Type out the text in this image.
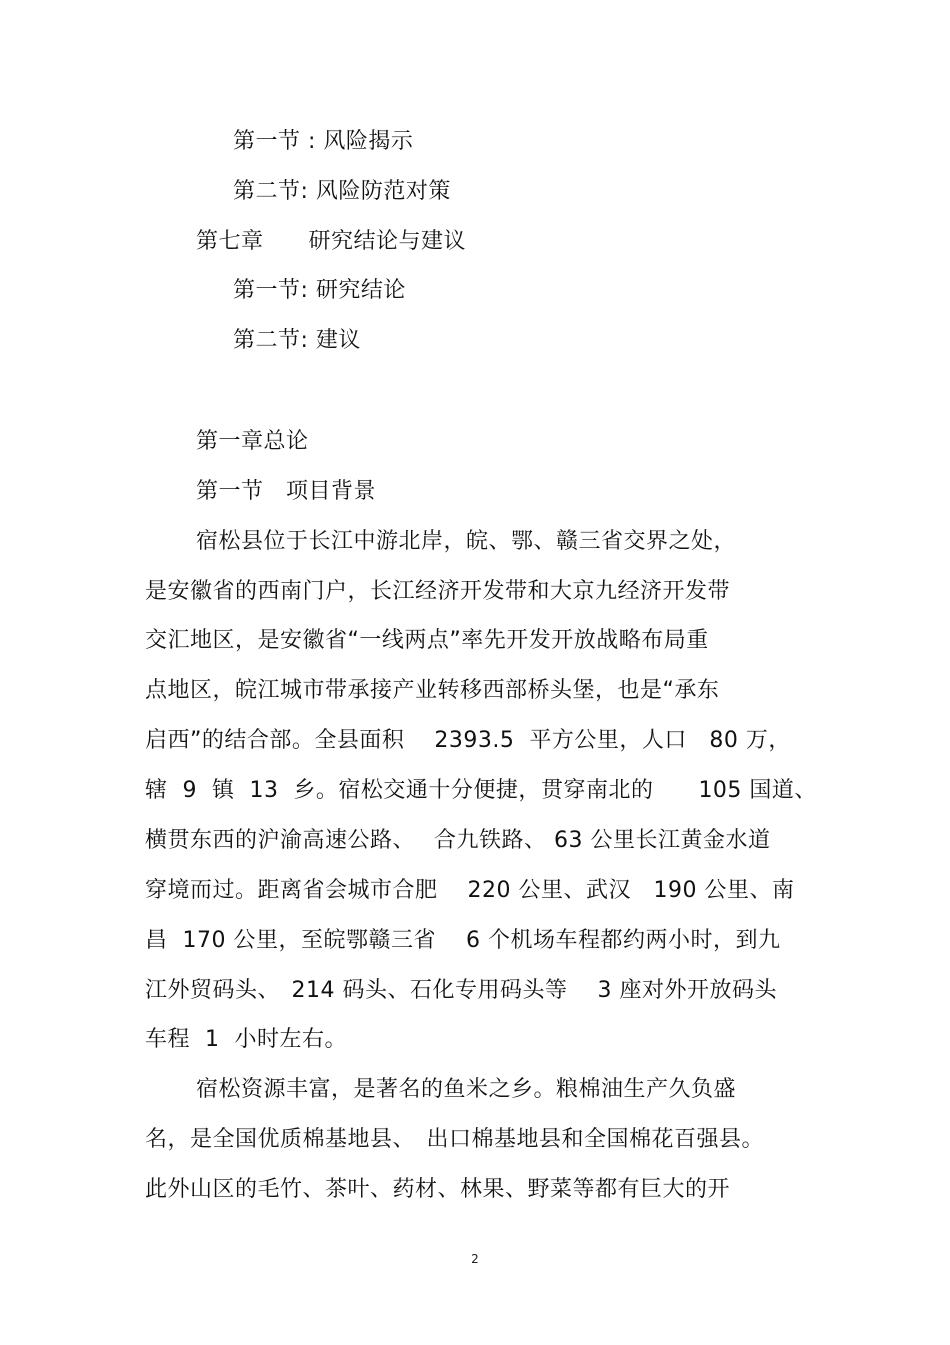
第一节 : 风险揭示
第二节: 风险防范对策
第七章　　研究结论与建议
第一节: 研究结论
第二节: 建议
第一章总论
第一节　项目背景
宿松县位于长江中游北岸，皖、鄂、赣三省交界之处，
是安徽省的西南门户，长江经济开发带和大京九经济开发带
交汇地区，是安徽省“一线两点”率先开发开放战略布局重
点地区，皖江城市带承接产业转移西部桥头堡，也是“承东
启西”的结合部。全县面积　 2393.5  平方公里，人口　80 万，
辖  9  镇  13  乡。宿松交通十分便捷，贯穿南北的　　105 国道、
横贯东西的沪渝高速公路、　 合九铁路、 63 公里长江黄金水道
穿境而过。距离省会城市合肥　 220 公里、武汉　190 公里、南
昌  170 公里，至皖鄂赣三省　 6 个机场车程都约两小时，到九
江外贸码头、　214 码头、石化专用码头等　 3 座对外开放码头
车程  1  小时左右。
宿松资源丰富，是著名的鱼米之乡。粮棉油生产久负盛
名，是全国优质棉基地县、　出口棉基地县和全国棉花百强县。
此外山区的毛竹、茶叶、药材、林果、野菜等都有巨大的开
2
